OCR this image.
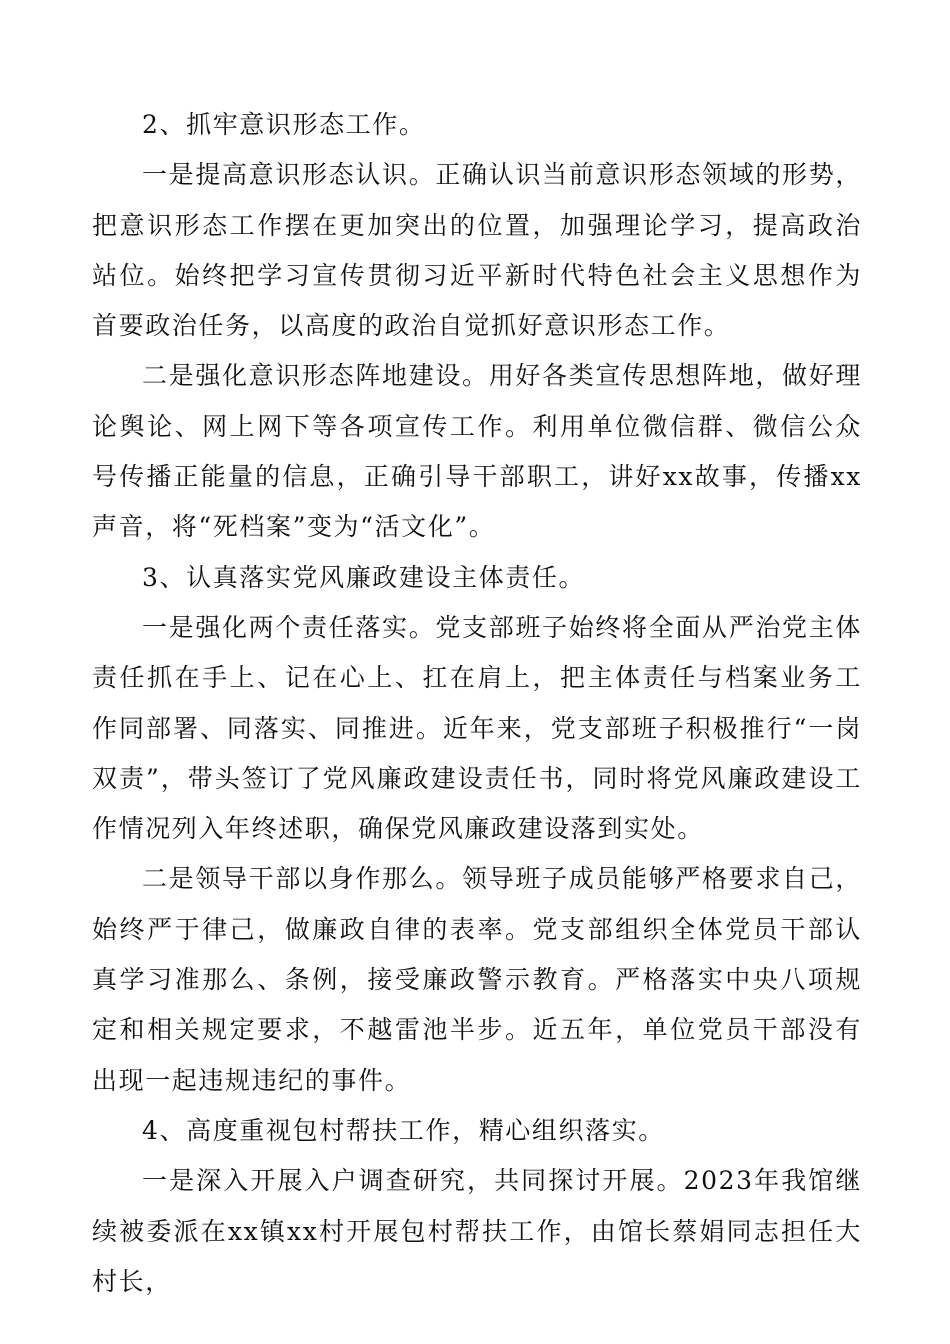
2、抓牢意识形态工作。

一是提高意识形态认识。正确认识当前意识形态领域的形势，把意识形态工作摆在更加突出的位置，加强理论学习，提高政治站位。始终把学习宣传贯彻习近平新时代特色社会主义思想作为首要政治任务，以高度的政治自觉抓好意识形态工作。

二是强化意识形态阵地建设。用好各类宣传思想阵地，做好理论舆论、网上网下等各项宣传工作。利用单位微信群、微信公众号传播正能量的信息，正确引导干部职工，讲好xx故事，传播xx声音，将“死档案”变为“活文化”。

3、认真落实党风廉政建设主体责任。

一是强化两个责任落实。党支部班子始终将全面从严治党主体责任抓在手上、记在心上、扛在肩上，把主体责任与档案业务工作同部署、同落实、同推进。近年来，党支部班子积极推行“一岗双责”，带头签订了党风廉政建设责任书，同时将党风廉政建设工作情况列入年终述职，确保党风廉政建设落到实处。

二是领导干部以身作那么。领导班子成员能够严格要求自己，始终严于律己，做廉政自律的表率。党支部组织全体党员干部认真学习准那么、条例，接受廉政警示教育。严格落实中央八项规定和相关规定要求，不越雷池半步。近五年，单位党员干部没有出现一起违规违纪的事件。

4、高度重视包村帮扶工作，精心组织落实。

一是深入开展入户调查研究，共同探讨开展。2023年我馆继续被委派在xx镇xx村开展包村帮扶工作，由馆长蔡娟同志担任大村长，
